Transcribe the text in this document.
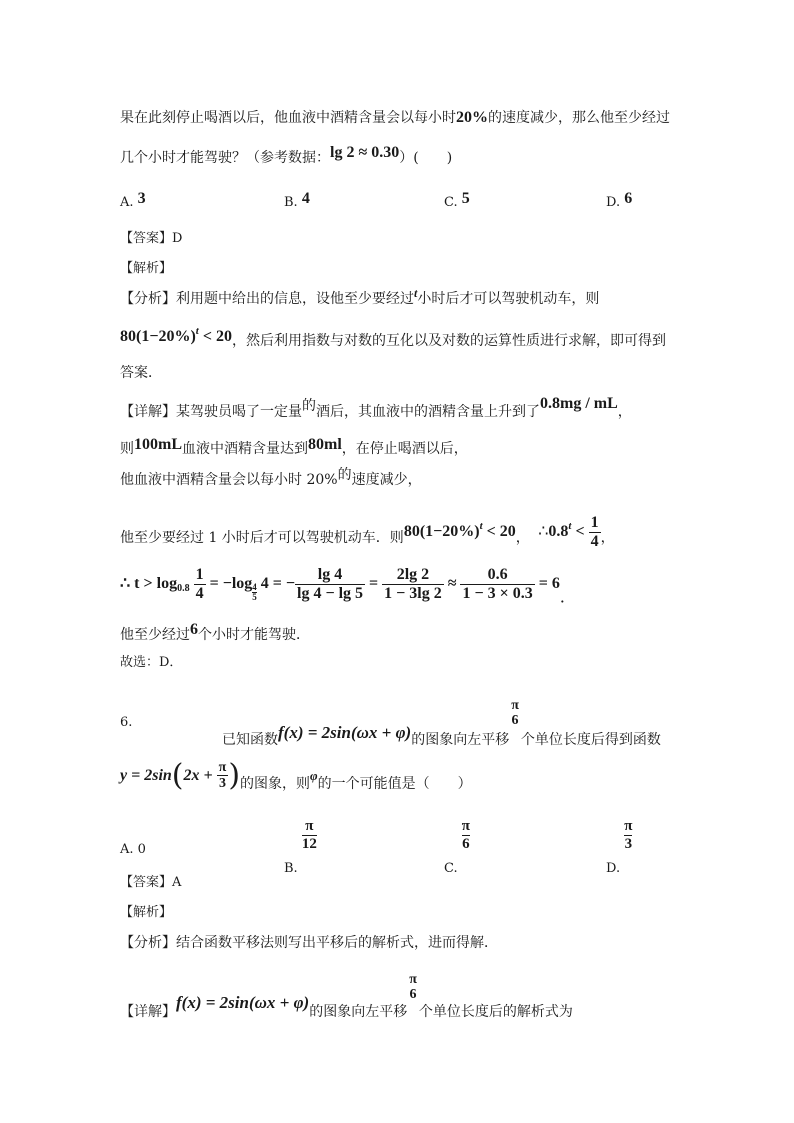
果在此刻停止喝酒以后，他血液中酒精含量会以每小时20%的速度减少，那么他至少经过
几个小时才能驾驶？（参考数据：lg 2 ≈ 0.30）(　　)
A. 3	B. 4	C. 5	D. 6
【答案】D
【解析】
【分析】利用题中给出的信息，设他至少要经过t小时后才可以驾驶机动车，则
$80(1-20\%)^t < 20$，然后利用指数与对数的互化以及对数的运算性质进行求解，即可得到
答案．
【详解】某驾驶员喝了一定量的酒后，其血液中的酒精含量上升到了0.8mg / mL，
则100mL血液中酒精含量达到80ml，在停止喝酒以后，
他血液中酒精含量会以每小时 20%的速度减少，
他至少要经过 1 小时后才可以驾驶机动车．则$80(1-20\%)^t < 20$， $\therefore 0.8^t < \frac{1}{4}$ ，
∴ $t > \log_{0.8} \frac{1}{4} = -\log \frac{4}{5} 4$ = − $\frac{\lg 4}{\lg 4 - \lg 5} = \frac{2\lg 2}{1 - 3\lg 2} \approx \frac{0.6}{1 - 3 \times 0.3} = 6$．
他至少经过6个小时才能驾驶．
故选：D．
6.
已知函数f(x) = 2sin(ωx + φ)的图象向左平移
π
6
个单位长度后得到函数
$y = 2\sin(2x + \frac{\pi}{3}$ )的图象，则φ的一个可能值是（　　）
A. 0
B.
$\frac{\pi}{12}$
C.
$\frac{\pi}{6}$
D.
$\frac{\pi}{3}$
【答案】A
【解析】
【分析】结合函数平移法则写出平移后的解析式，进而得解．
【详解】f(x) = 2sin(ωx + φ)的图象向左平移
π
6
个单位长度后的解析式为
